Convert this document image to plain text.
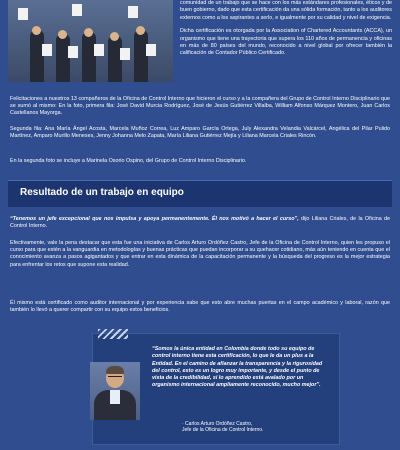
comunidad de un trabajo que se hace con los más estándares profesionales, éticos y de buen gobierno, dado que esta certificación da una sólida formación, tanto a los auditores externos como a los aspirantes a serlo, e igualmente por su calidad y nivel de exigencia.

Dicha certificación es otorgada por la Association of Chartered Accountants (ACCA), un organismo que tiene una trayectoria que supera los 110 años de permanencia y oficinas en más de 80 países del mundo, reconocido a nivel global por ofrecer también la calificación de Contador Público Certificado.

Felicitaciones a nuestros 13 compañeros de la Oficina de Control Interno que hicieron el curso y a la compañera del Grupo de Control Interno Disciplinario que se sumó al mismo: En la foto, primera fila: José David Murcia Rodríguez, José de Jesús Gutiérrez Villalba, William Alfonso Márquez Montero, Juan Carlos Castellanos Mayorga.

Segunda fila: Ana María Ángel Acosta, Marcela Muñoz Correa, Luz Amparo García Ortega, July Alexandra Velandia Valcárcel, Angélica del Pilar Pulido Martínez, Amparo Murillo Meneses, Jenny Johanna Melo Zapata, María Liliana Gutiérrez Mejía y Liliana Marcela Criales Rincón.

En la segunda foto se incluye a Marinela Osorio Ospino, del Grupo de Control Interno Disciplinario.

Resultado de un trabajo en equipo

“Tenemos un jefe excepcional que nos impulsa y apoya permanentemente. Él nos motivó a hacer el curso”, dijo Liliana Criales, de la Oficina de Control Interno.

Efectivamente, vale la pena destacar que esta fue una iniciativa de Carlos Arturo Ordóñez Castro, Jefe de la Oficina de Control Interno, quien les propuso el curso para que estén a la vanguardia en metodologías y buenas prácticas que puedan incorporar a su quehacer cotidiano, más aún teniendo en cuenta que el conocimiento avanza a pasos agigantados y que entrar en esta dinámica de la capacitación permanente y la búsqueda del progreso es la mejor estrategia para enfrentar los retos que supone esta realidad.

Él mismo está certificado como auditor internacional y por experiencia sabe que esto abre muchas puertas en el campo académico y laboral, razón que también lo llevó a querer compartir con su equipo estos beneficios.

“Somos la única entidad en Colombia donde todo su equipo de control interno tiene esta certificación, lo que le da un plus a la Entidad. En el camino de afianzar la transparencia y la rigurosidad del control, esto es un logro muy importante, y desde el punto de vista de la credibilidad, si lo aprendido está avalado por un organismo internacional ampliamente reconocido, mucho mejor”.
· Carlos Arturo Ordóñez Castro,
Jefe de la Oficina de Control Interno.
